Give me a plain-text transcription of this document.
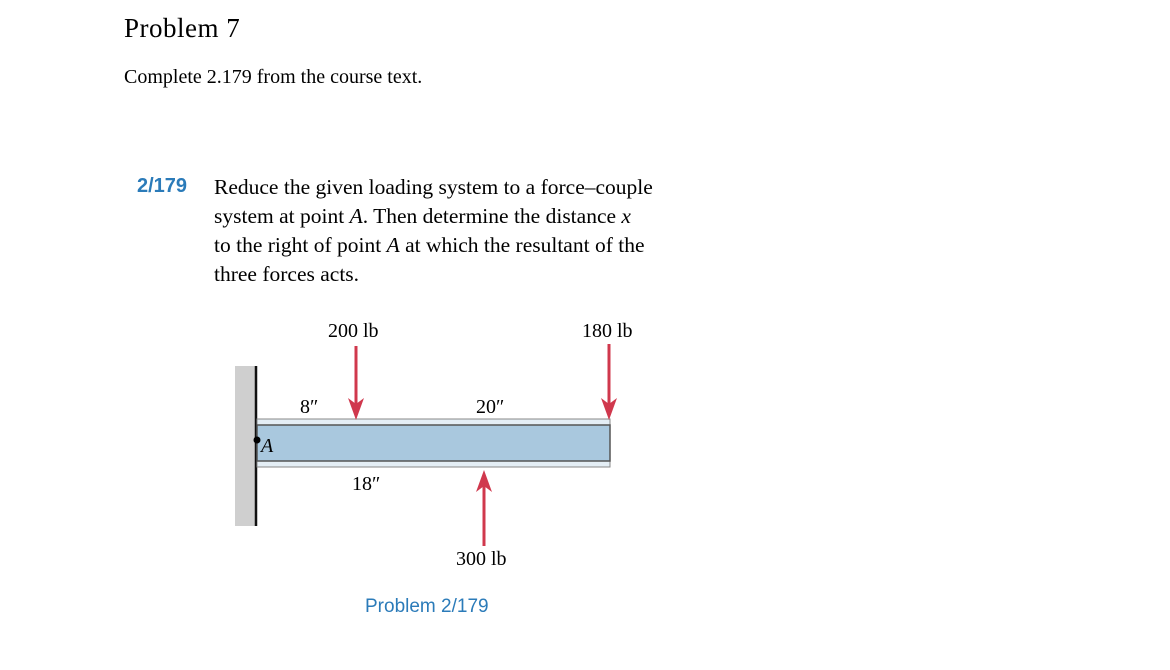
Problem 7
Complete 2.179 from the course text.
2/179 Reduce the given loading system to a force–couple
system at point A. Then determine the distance x
to the right of point A at which the resultant of the
three forces acts.
A
200 lb	180 lb
300 lb
8″	20″
18″
Problem 2/179
